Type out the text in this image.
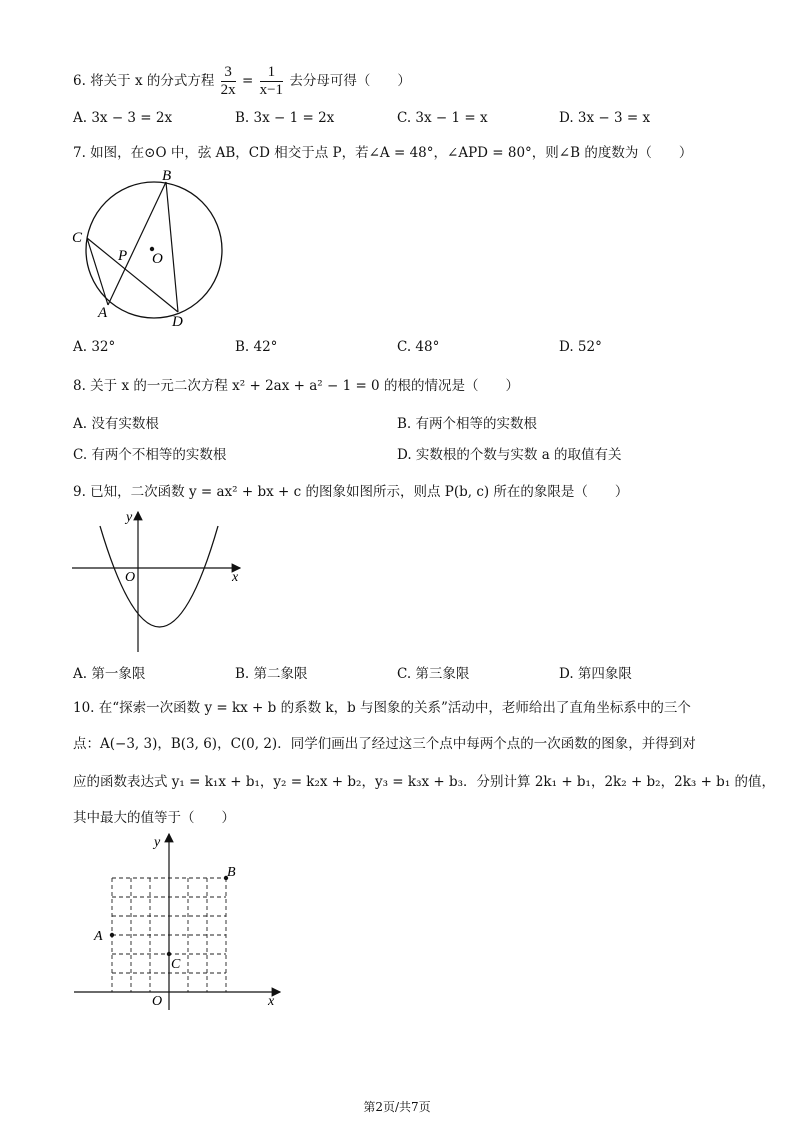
6. 将关于 x 的分式方程 $\frac{3}{2x} = \frac{1}{x-1}$ 去分母可得（　　）
A. 3x − 3 = 2x	B. 3x − 1 = 2x	C. 3x − 1 = x	D. 3x − 3 = x
7. 如图，在⊙O 中，弦 AB，CD 相交于点 P，若∠A = 48°，∠APD = 80°，则∠B 的度数为（　　）
B
C
P O
A
D
A. 32°	B. 42°	C. 48°	D. 52°
8. 关于 x 的一元二次方程 x² + 2ax + a² − 1 = 0 的根的情况是（　　）
A. 没有实数根	B. 有两个相等的实数根
C. 有两个不相等的实数根	D. 实数根的个数与实数 a 的取值有关
9. 已知，二次函数 y = ax² + bx + c 的图象如图所示，则点 P(b, c) 所在的象限是（　　）
y
x
O
A. 第一象限	B. 第二象限	C. 第三象限	D. 第四象限
10. 在“探索一次函数 y = kx + b 的系数 k，b 与图象的关系”活动中，老师给出了直角坐标系中的三个
点：A(−3, 3)，B(3, 6)，C(0, 2)．同学们画出了经过这三个点中每两个点的一次函数的图象，并得到对
应的函数表达式 y₁ = k₁x + b₁，y₂ = k₂x + b₂，y₃ = k₃x + b₃．分别计算 2k₁ + b₁，2k₂ + b₂，2k₃ + b₁ 的值，
其中最大的值等于（　　）
y
x
O
A
B
C
第2页/共7页
